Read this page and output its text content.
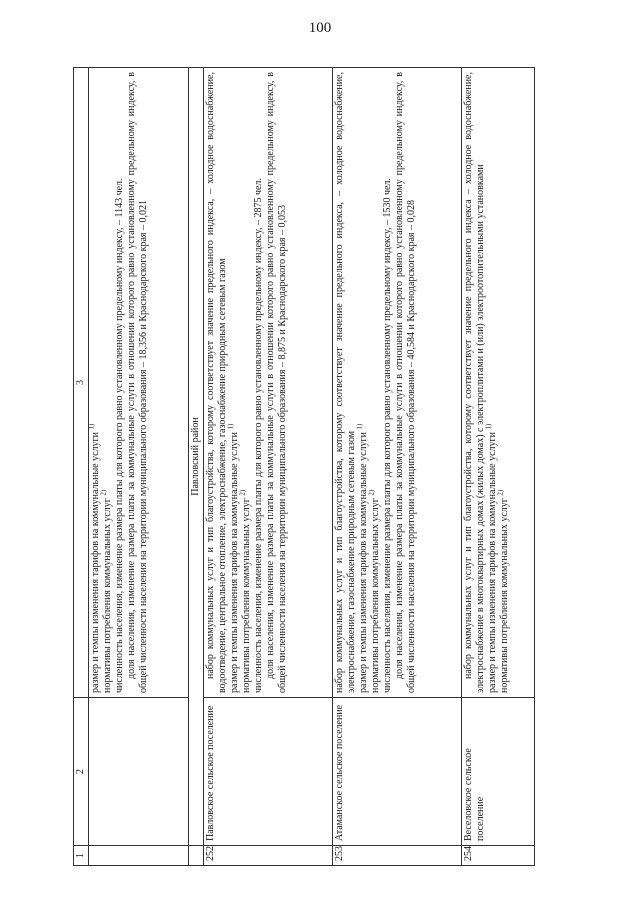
100
1	2	3

		размер и темпы изменения тарифов на коммунальные услуги $^{1)}$

нормативы потребления коммунальных услуг $^{2)}$ численность населения, изменение размера платы для которого равно установленному предельному индексу, – 1143 чел. доля населения, изменение размера платы за коммунальные услуги в отношении которого равно установленному предельному индексу, в общей численности населения на территории муниципального образования – 18,356 и Краснодарского края – 0,021

	Павловский район	
252	Павловское сельское поселение	набор коммунальных услуг и тип благоустройства, которому соответствует значение предельного индекса, – холодное водоснабжение, водоотведение, центральное отопление, электроснабжение, газоснабжение природным сетевым газом размер и темпы изменения тарифов на коммунальные услуги $^{1)}$

нормативы потребления коммунальных услуг $^{2)}$ численность населения, изменение размера платы для которого равно установленному предельному индексу, – 2875 чел. доля населения, изменение размера платы за коммунальные услуги в отношении которого равно установленному предельному индексу, в общей численности населения на территории муниципального образования – 8,875 и Краснодарского края – 0,053

253	Атаманское сельское поселение	набор коммунальных услуг и тип благоустройства, которому соответствует значение предельного индекса, – холодное водоснабжение, электроснабжение, газоснабжение природным сетевым газом размер и темпы изменения тарифов на коммунальные услуги $^{1)}$

нормативы потребления коммунальных услуг $^{2)}$ численность населения, изменение размера платы для которого равно установленному предельному индексу, – 1530 чел. доля населения, изменение размера платы за коммунальные услуги в отношении которого равно установленному предельному индексу, в общей численности населения на территории муниципального образования – 40,584 и Краснодарского края – 0,028

254	Веселовское сельское поселение	набор коммунальных услуг и тип благоустройства, которому соответствует значение предельного индекса – холодное водоснабжение, электроснабжение в многоквартирных домах (жилых домах) с электроплитами и (или) электроотопительными установками размер и темпы изменения тарифов на коммунальные услуги $^{1)}$

нормативы потребления коммунальных услуг $^{2)}$
